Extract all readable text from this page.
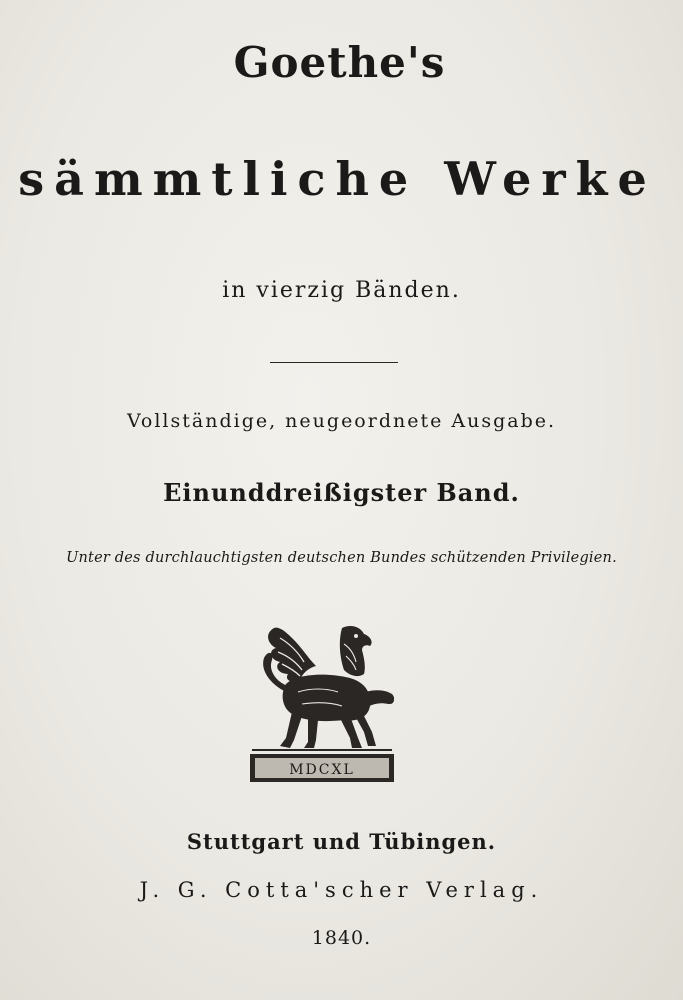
Goethe's
sämmtliche Werke
in vierzig Bänden.
Vollständige, neugeordnete Ausgabe.
Einunddreißigster Band.
Unter des durchlauchtigsten deutschen Bundes schützenden Privilegien.
MDCXL
Stuttgart und Tübingen.
J. G. Cotta'scher Verlag.
1840.
